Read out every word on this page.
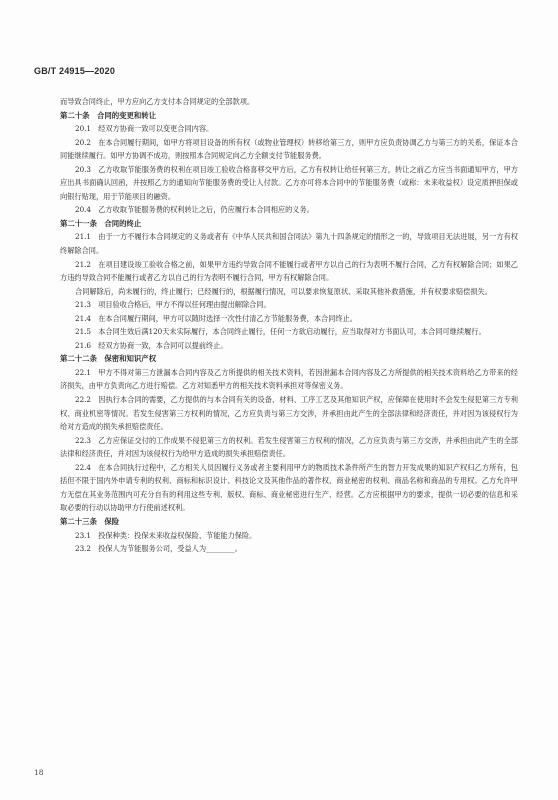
GB/T 24915—2020

而导致合同终止，甲方应向乙方支付本合同规定的全部款项。

第二十条　合同的变更和转让

20.1　经双方协商一致可以变更合同内容。

20.2　在本合同履行期间，如甲方将项目设备的所有权（或物业管理权）转移给第三方，则甲方应负责协调乙方与第三方的关系，保证本合同能继续履行。如甲方协调不成功，则按照本合同规定向乙方全额支付节能服务费。

20.3　乙方收取节能服务费的权利在项目竣工验收合格喜移交甲方后，乙方有权转让给任何第三方，转让之前乙方应当书面通知甲方，甲方应出具书面确认回函，并按照乙方的通知向节能服务费的受让人付款。乙方亦可将本合同中的节能服务费（或称：未来收益权）设定质押担保或向银行贴现，用于节能项目的融资。

20.4　乙方收取节能服务费的权利转让之后，仍应履行本合同相应的义务。

第二十一条　合同的终止

21.1　由于一方不履行本合同规定的义务或者有《中华人民共和国合同法》第九十四条规定的情形之一的，导致项目无法进展，另一方有权终解除合同。

21.2　在项目建设竣工验收合格之前，如果甲方违约导致合同不能履行或者甲方以自己的行为表明不履行合同，乙方有权解除合同；如果乙方违约导致合同不能履行或者乙方以自己的行为表明不履行合同，甲方有权解除合同。

合同解除后，尚未履行的，终止履行；已经履行的，根据履行情况，可以要求恢复原状、采取其他补救措施，并有权要求赔偿损失。

21.3　项目验收合格后，甲方不得以任何理由提出解除合同。

21.4　在本合同履行期间，甲方可以随时选择一次性付清乙方节能服务费，本合同终止。

21.5　本合同生效后满120天未实际履行，本合同终止履行，任何一方欲启动履行，应当取得对方书面认可，本合同可继续履行。

21.6　经双方协商一致，本合同可以提前终止。

第二十二条　保密和知识产权

22.1　甲方不得对第三方泄漏本合同内容及乙方所提供的相关技术资料，若因泄漏本合同内容及乙方所提供的相关技术资料给乙方带来的经济损失，由甲方负责向乙方进行赔偿。乙方对知悉甲方的相关技术资料承担对等保密义务。

22.2　因执行本合同的需要，乙方提供的与本合同有关的设备、材料、工序工艺及其他知识产权，应保障在使用时不会发生侵犯第三方专利权、商业机密等情况。若发生侵害第三方权利的情况，乙方应负责与第三方交涉，并承担由此产生的全部法律和经济责任，并对因为该侵权行为给对方造成的损失承担赔偿责任。

22.3　乙方应保证交付的工作成果不侵犯第三方的权利。若发生侵害第三方权利的情况，乙方应负责与第三方交涉，并承担由此产生的全部法律和经济责任，并对因为该侵权行为给甲方造成的损失承担赔偿责任。

22.4　在本合同执行过程中，乙方相关人员因履行义务或者主要利用甲方的物质技术条件所产生的智力开发成果的知识产权归乙方所有，包括但不限于国内外申请专利的权利、商标和标识设计、科技论文及其他作品的著作权、商业秘密的权利、商品名称和商品的专用权。乙方允许甲方无偿在其业务范围内可充分自有的利用这些专利、版权、商标、商业秘密进行生产、经营。乙方应根据甲方的要求，提供一切必要的信息和采取必要的行动以协助甲方行使前述权利。

第二十三条　保险

23.1　投保种类：投保未来收益权保险、节能能力保险。

23.2　投保人为节能服务公司，受益人为________。

18
